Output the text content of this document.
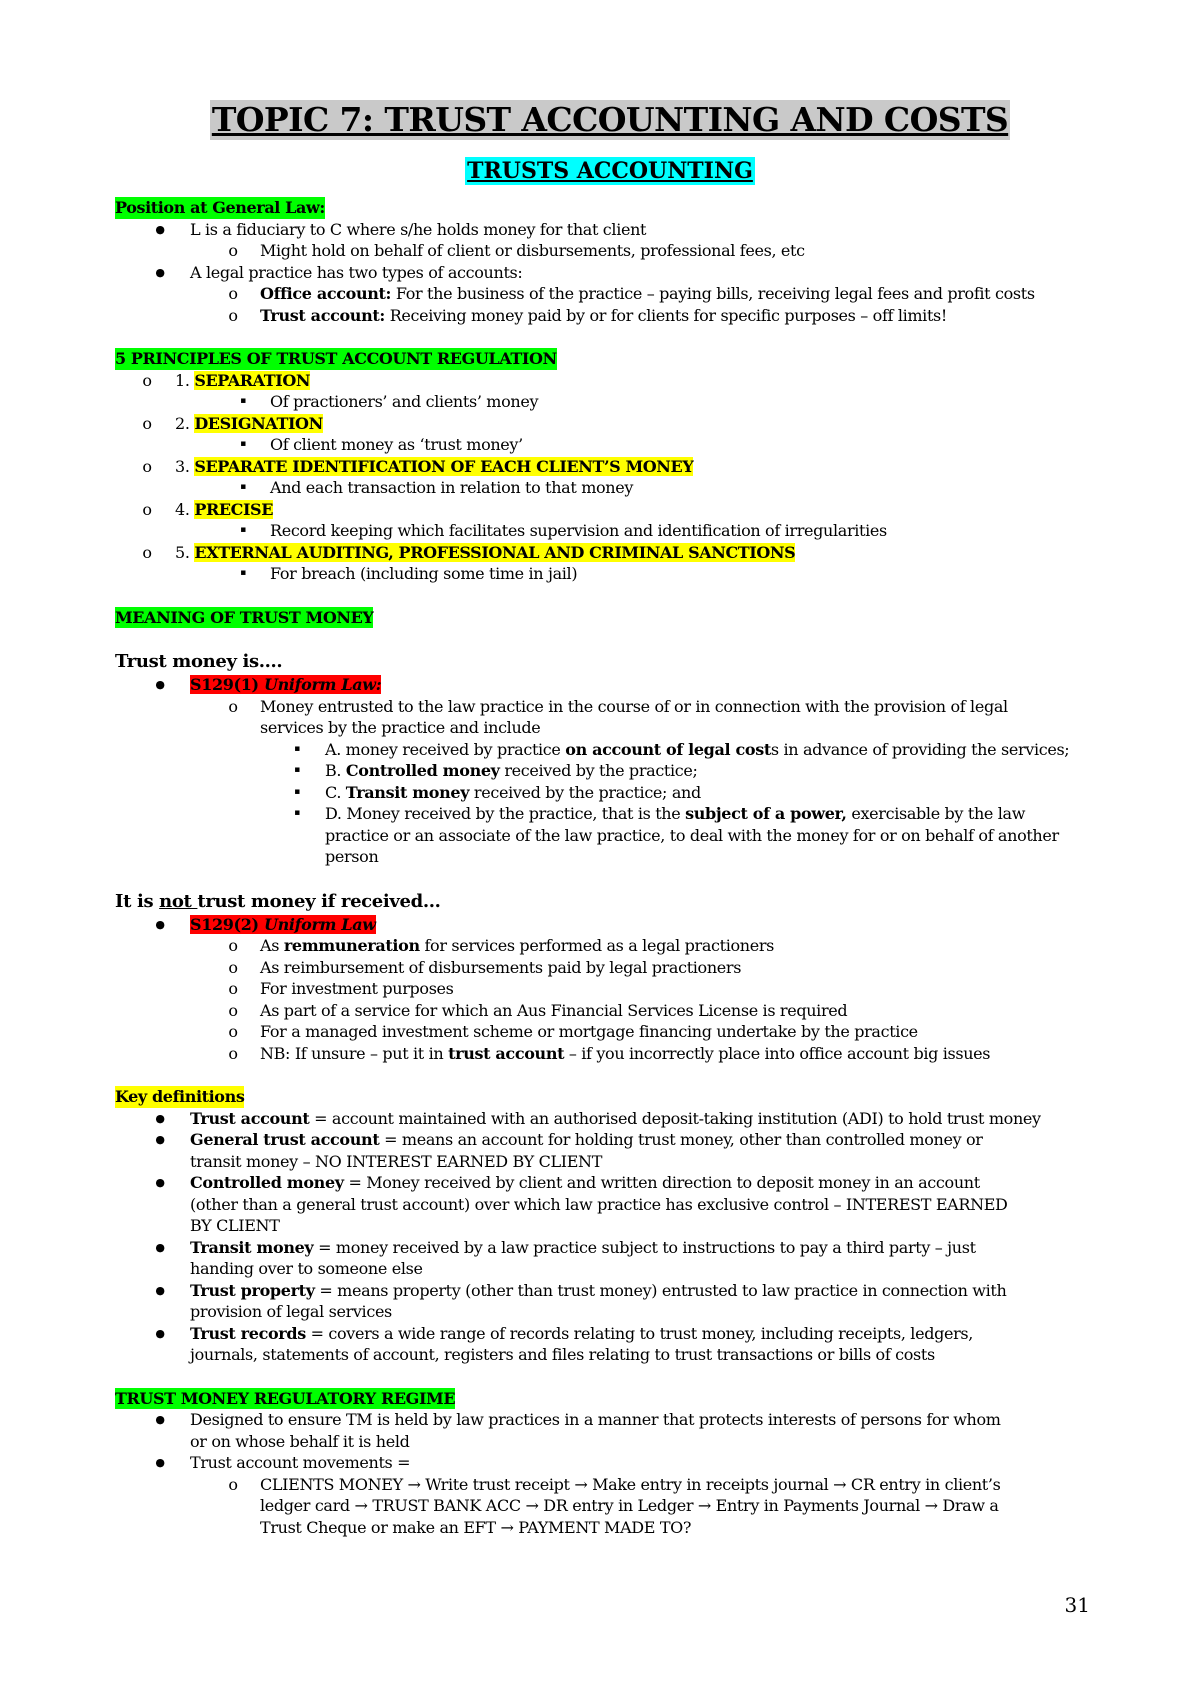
TOPIC 7: TRUST ACCOUNTING AND COSTS
TRUSTS ACCOUNTING
Position at General Law:
●	L is a fiduciary to C where s/he holds money for that client
o	Might hold on behalf of client or disbursements, professional fees, etc
●	A legal practice has two types of accounts:
o	Office account: For the business of the practice – paying bills, receiving legal fees and profit costs
o	Trust account: Receiving money paid by or for clients for specific purposes – off limits!
5 PRINCIPLES OF TRUST ACCOUNT REGULATION
o	1. SEPARATION
▪	Of practioners’ and clients’ money
o	2. DESIGNATION
▪	Of client money as ‘trust money’
o	3. SEPARATE IDENTIFICATION OF EACH CLIENT’S MONEY
▪	And each transaction in relation to that money
o	4. PRECISE
▪	Record keeping which facilitates supervision and identification of irregularities
o	5. EXTERNAL AUDITING, PROFESSIONAL AND CRIMINAL SANCTIONS
▪	For breach (including some time in jail)
MEANING OF TRUST MONEY
Trust money is….
●	S129(1) Uniform Law:
o	Money entrusted to the law practice in the course of or in connection with the provision of legal services by the practice and include
▪	A. money received by practice on account of legal costs in advance of providing the services;
▪	B. Controlled money received by the practice;
▪	C. Transit money received by the practice; and
▪	D. Money received by the practice, that is the subject of a power, exercisable by the law practice or an associate of the law practice, to deal with the money for or on behalf of another person
It is not trust money if received…
●	S129(2) Uniform Law
o	As remmuneration for services performed as a legal practioners
o	As reimbursement of disbursements paid by legal practioners
o	For investment purposes
o	As part of a service for which an Aus Financial Services License is required
o	For a managed investment scheme or mortgage financing undertake by the practice
o	NB: If unsure – put it in trust account – if you incorrectly place into office account big issues
Key definitions
●	Trust account = account maintained with an authorised deposit-taking institution (ADI) to hold trust money
●	General trust account = means an account for holding trust money, other than controlled money or transit money – NO INTEREST EARNED BY CLIENT
●	Controlled money = Money received by client and written direction to deposit money in an account (other than a general trust account) over which law practice has exclusive control – INTEREST EARNED BY CLIENT
●	Transit money = money received by a law practice subject to instructions to pay a third party – just handing over to someone else
●	Trust property = means property (other than trust money) entrusted to law practice in connection with provision of legal services
●	Trust records = covers a wide range of records relating to trust money, including receipts, ledgers, journals, statements of account, registers and files relating to trust transactions or bills of costs
TRUST MONEY REGULATORY REGIME
●	Designed to ensure TM is held by law practices in a manner that protects interests of persons for whom or on whose behalf it is held
●	Trust account movements =
o	CLIENTS MONEY → Write trust receipt → Make entry in receipts journal → CR entry in client’s ledger card → TRUST BANK ACC → DR entry in Ledger → Entry in Payments Journal → Draw a Trust Cheque or make an EFT → PAYMENT MADE TO?
31
